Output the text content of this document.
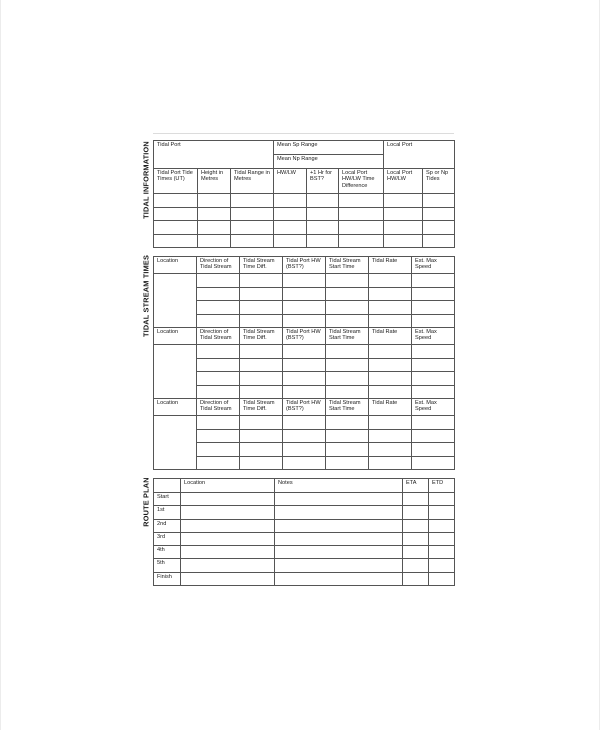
TIDAL INFORMATION Tidal Port			Mean Sp Range			Local Port	
			Mean Np Range				
Tidal Port Tide Times (UT)	Height in Metres	Tidal Range in Metres	HW/LW	+1 Hr for BST?	Local Port HW/LW Time Difference	Local Port HW/LW	Sp or Np Tides

TIDAL STREAM TIMES Location	Direction of Tidal Stream	Tidal Stream Time Diff.	Tidal Port HW (BST?)	Tidal Stream Start Time	Tidal Rate	Est. Max Speed

Location	Direction of Tidal Stream	Tidal Stream Time Diff.	Tidal Port HW (BST?)	Tidal Stream Start Time	Tidal Rate	Est. Max Speed

Location	Direction of Tidal Stream	Tidal Stream Time Diff.	Tidal Port HW (BST?)	Tidal Stream Start Time	Tidal Rate	Est. Max Speed

ROUTE PLAN
		Location	Notes	ETA	ETD
Start				
1st				
2nd				
3rd				
4th				
5th				
Finish				
